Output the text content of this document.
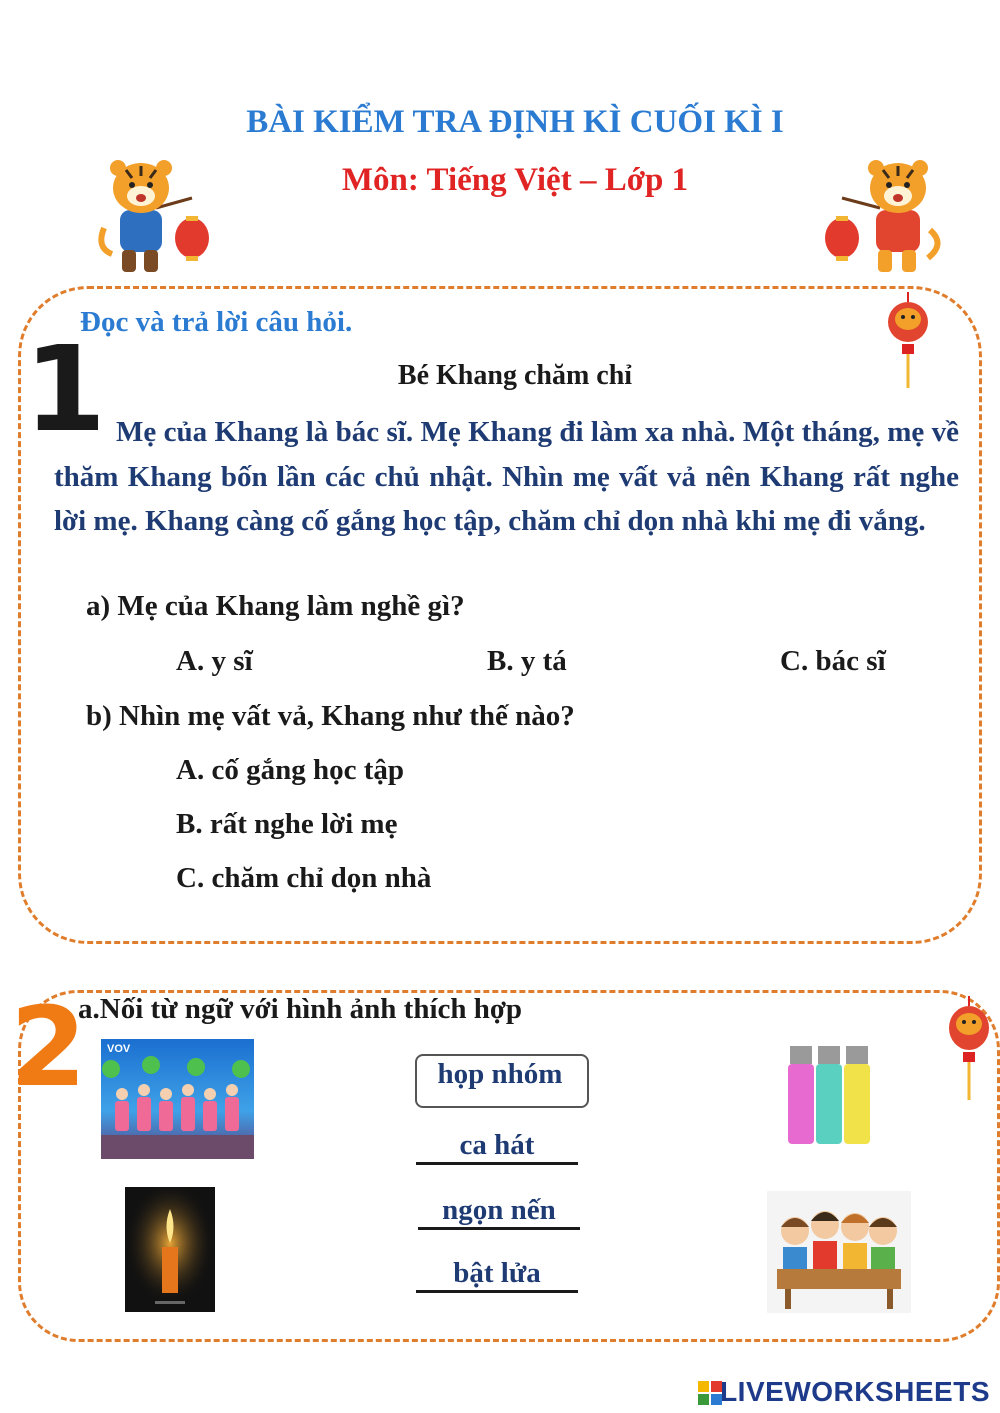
BÀI KIỂM TRA ĐỊNH KÌ CUỐI KÌ I
Môn: Tiếng Việt – Lớp 1
1
Đọc và trả lời câu hỏi.
Bé Khang chăm chỉ
Mẹ của Khang là bác sĩ. Mẹ Khang đi làm xa nhà. Một tháng, mẹ về thăm Khang bốn lần các chủ nhật. Nhìn mẹ vất vả nên Khang rất nghe lời mẹ. Khang càng cố gắng học tập, chăm chỉ dọn nhà khi mẹ đi vắng.
a) Mẹ của Khang làm nghề gì?
A. y sĩ	B. y tá	C. bác sĩ
b) Nhìn mẹ vất vả, Khang như thế nào?
A. cố gắng học tập
B. rất nghe lời mẹ
C. chăm chỉ dọn nhà
2
a.Nối từ ngữ với hình ảnh thích hợp
VOV
họp nhóm
ca hát
ngọn nến
bật lửa
LIVEWORKSHEETS
